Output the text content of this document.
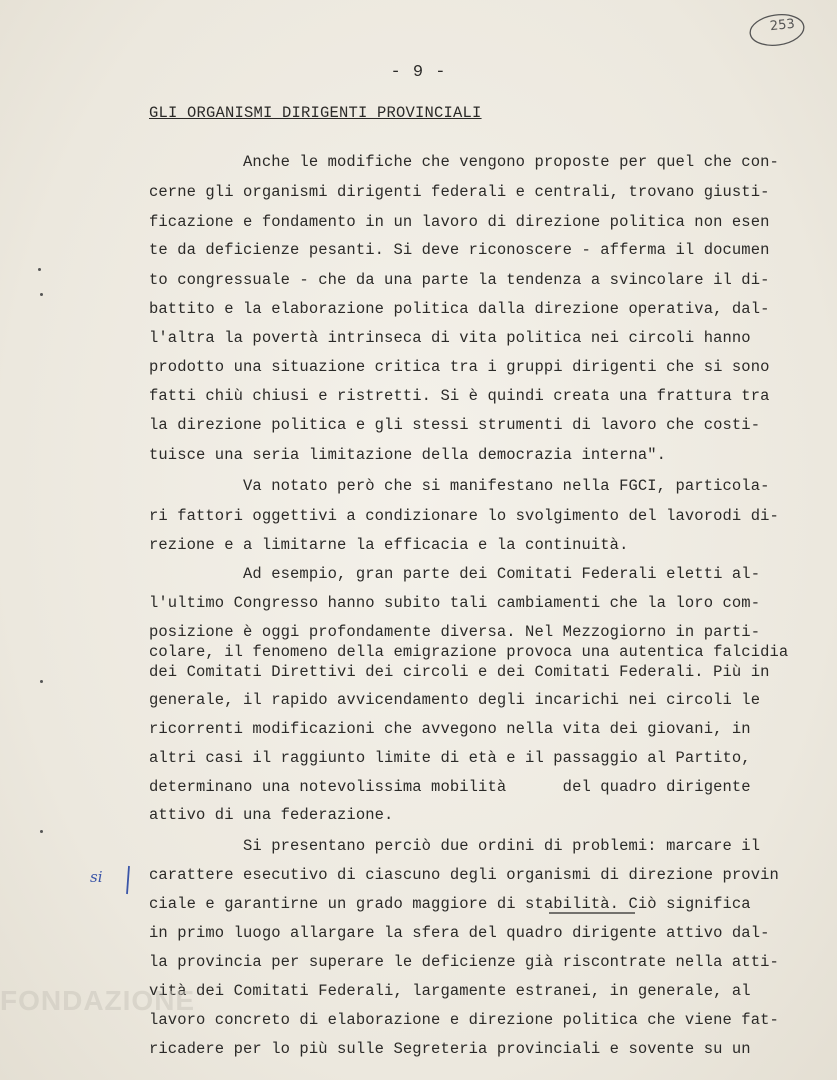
253
- 9 -
GLI ORGANISMI DIRIGENTI PROVINCIALI
Anche le modifiche che vengono proposte per quel che con-
cerne gli organismi dirigenti federali e centrali, trovano giusti-
ficazione e fondamento in un lavoro di direzione politica non esen
te da deficienze pesanti. Si deve riconoscere - afferma il documen
to congressuale - che da una parte la tendenza a svincolare il di-
battito e la elaborazione politica dalla direzione operativa, dal-
l'altra la povertà intrinseca di vita politica nei circoli hanno
prodotto una situazione critica tra i gruppi dirigenti che si sono
fatti chiù chiusi e ristretti. Si è quindi creata una frattura tra
la direzione politica e gli stessi strumenti di lavoro che costi-
tuisce una seria limitazione della democrazia interna".
Va notato però che si manifestano nella FGCI, particola-
ri fattori oggettivi a condizionare lo svolgimento del lavorodi di-
rezione e a limitarne la efficacia e la continuità.
Ad esempio, gran parte dei Comitati Federali eletti al-
l'ultimo Congresso hanno subito tali cambiamenti che la loro com-
posizione è oggi profondamente diversa. Nel Mezzogiorno in parti-
colare, il fenomeno della emigrazione provoca una autentica falcidia
dei Comitati Direttivi dei circoli e dei Comitati Federali. Più in
generale, il rapido avvicendamento degli incarichi nei circoli le
ricorrenti modificazioni che avvegono nella vita dei giovani, in
altri casi il raggiunto limite di età e il passaggio al Partito,
determinano una notevolissima mobilità      del quadro dirigente
attivo di una federazione.
Si presentano perciò due ordini di problemi: marcare il
carattere esecutivo di ciascuno degli organismi di direzione provin
ciale e garantirne un grado maggiore di stabilità. Ciò significa
in primo luogo allargare la sfera del quadro dirigente attivo dal-
la provincia per superare le deficienze già riscontrate nella atti-
vità dei Comitati Federali, largamente estranei, in generale, al
lavoro concreto di elaborazione e direzione politica che viene fat-
ricadere per lo più sulle Segreteria provinciali e sovente su un
si
FONDAZIONE
